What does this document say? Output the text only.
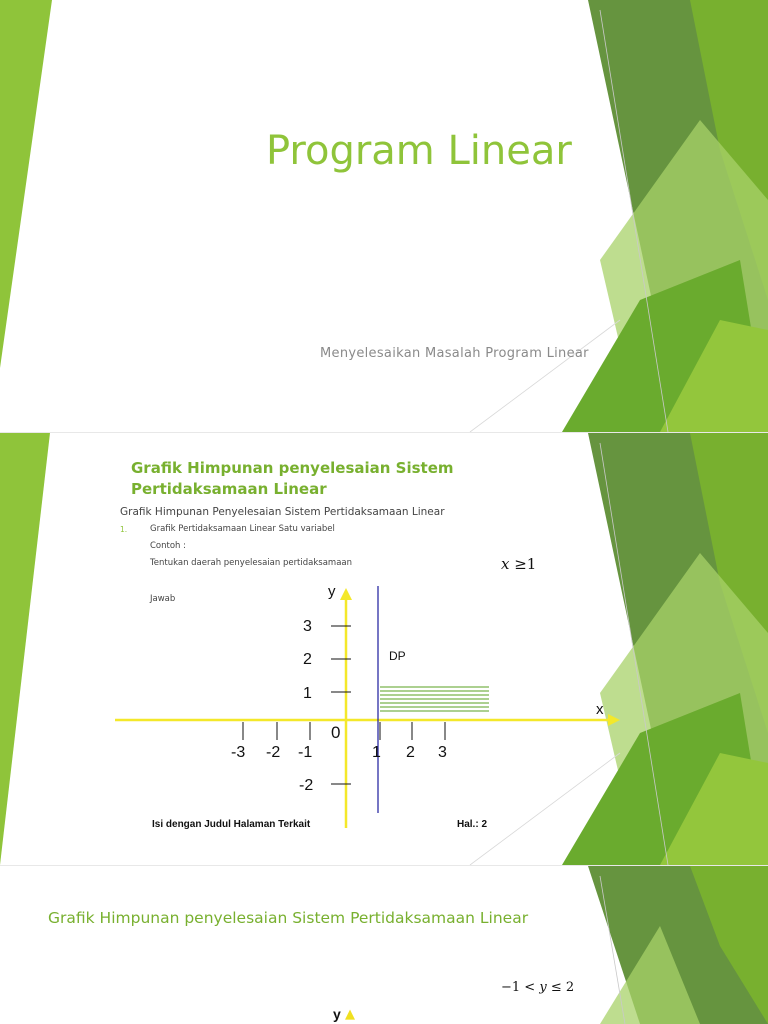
Program Linear
Menyelesaikan Masalah Program Linear
Grafik Himpunan penyelesaian Sistem Pertidaksamaan Linear
Grafik Himpunan Penyelesaian Sistem Pertidaksamaan Linear
1.	Grafik Pertidaksamaan Linear Satu variabel
Contoh :
Tentukan daerah penyelesaian pertidaksamaan
Jawab
x ≥1
y
x
0
3
2
1
-2
-3 -2 -1	1 2 3
DP
Isi dengan Judul Halaman Terkait	Hal.: 2
Grafik Himpunan penyelesaian Sistem Pertidaksamaan Linear
−1 < y ≤ 2
y ▲
